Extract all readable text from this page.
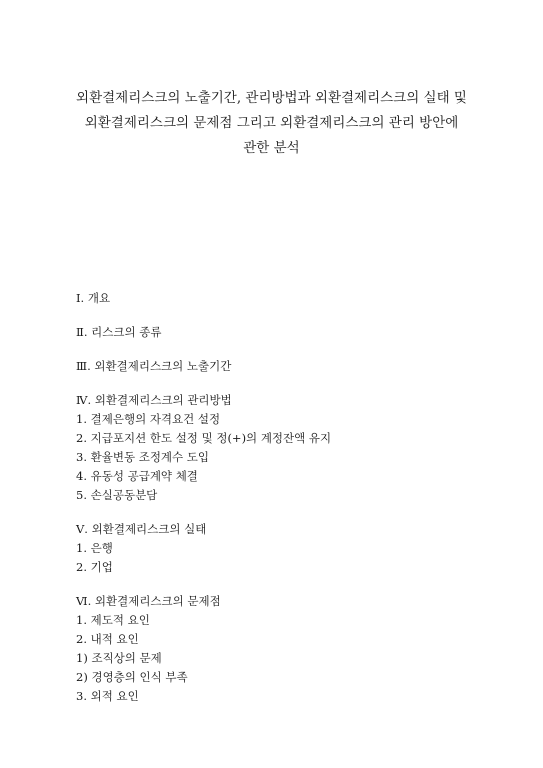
외환결제리스크의 노출기간, 관리방법과 외환결제리스크의 실태 및
외환결제리스크의 문제점 그리고 외환결제리스크의 관리 방안에
관한 분석
Ⅰ. 개요
Ⅱ. 리스크의 종류
Ⅲ. 외환결제리스크의 노출기간
Ⅳ. 외환결제리스크의 관리방법
1. 결제은행의 자격요건 설정
2. 지급포지션 한도 설정 및 정(+)의 계정잔액 유지
3. 환율변동 조정계수 도입
4. 유동성 공급계약 체결
5. 손실공동분담
Ⅴ. 외환결제리스크의 실태
1. 은행
2. 기업
Ⅵ. 외환결제리스크의 문제점
1. 제도적 요인
2. 내적 요인
1) 조직상의 문제
2) 경영층의 인식 부족
3. 외적 요인
